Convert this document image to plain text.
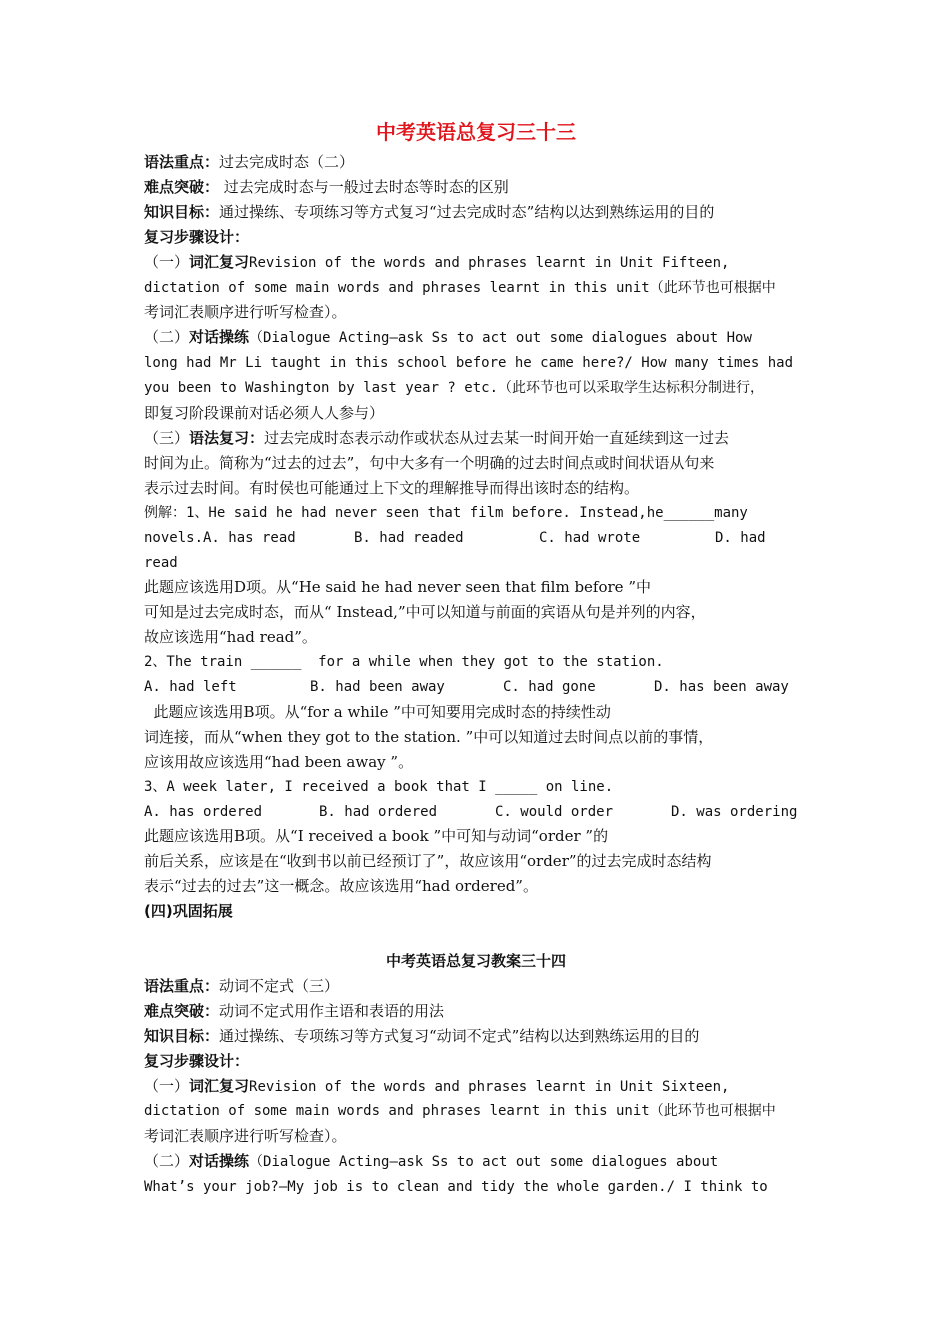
中考英语总复习三十三
语法重点：过去完成时态（二）
难点突破： 过去完成时态与一般过去时态等时态的区别
知识目标：通过操练、专项练习等方式复习“过去完成时态”结构以达到熟练运用的目的
复习步骤设计：
（一）词汇复习Revision of the words and phrases learnt in Unit Fifteen,
dictation of some main words and phrases learnt in this unit（此环节也可根据中
考词汇表顺序进行听写检查）。
（二）对话操练（Dialogue Acting—ask Ss to act out some dialogues about How
long had Mr Li taught in this school before he came here?/ How many times had
you been to Washington by last year ? etc.（此环节也可以采取学生达标积分制进行，
即复习阶段课前对话必须人人参与）
（三）语法复习：过去完成时态表示动作或状态从过去某一时间开始一直延续到这一过去
时间为止。简称为“过去的过去”，句中大多有一个明确的过去时间点或时间状语从句来
表示过去时间。有时侯也可能通过上下文的理解推导而得出该时态的结构。
例解：1、He said he had never seen that film before. Instead,he______many
novels.A. has read	B. had readed	C. had wrote	D. had
read
此题应该选用D项。从“He said he had never seen that film before ”中
可知是过去完成时态，而从“ Instead,”中可以知道与前面的宾语从句是并列的内容，
故应该选用“had read”。
2、The train ______  for a while when they got to the station.
A. had left	B. had been away	C. had gone	D. has been away
此题应该选用B项。从“for a while ”中可知要用完成时态的持续性动
词连接，而从“when they got to the station. ”中可以知道过去时间点以前的事情，
应该用故应该选用“had been away ”。
3、A week later, I received a book that I _____ on line.
A. has ordered	B. had ordered	C. would order	D. was ordering
此题应该选用B项。从“I received a book ”中可知与动词“order ”的
前后关系，应该是在“收到书以前已经预订了”，故应该用“order”的过去完成时态结构
表示“过去的过去”这一概念。故应该选用“had ordered”。
(四)巩固拓展
中考英语总复习教案三十四
语法重点：动词不定式（三）
难点突破：动词不定式用作主语和表语的用法
知识目标：通过操练、专项练习等方式复习“动词不定式”结构以达到熟练运用的目的
复习步骤设计：
（一）词汇复习Revision of the words and phrases learnt in Unit Sixteen,
dictation of some main words and phrases learnt in this unit（此环节也可根据中
考词汇表顺序进行听写检查）。
（二）对话操练（Dialogue Acting—ask Ss to act out some dialogues about
What’s your job?—My job is to clean and tidy the whole garden./ I think to
